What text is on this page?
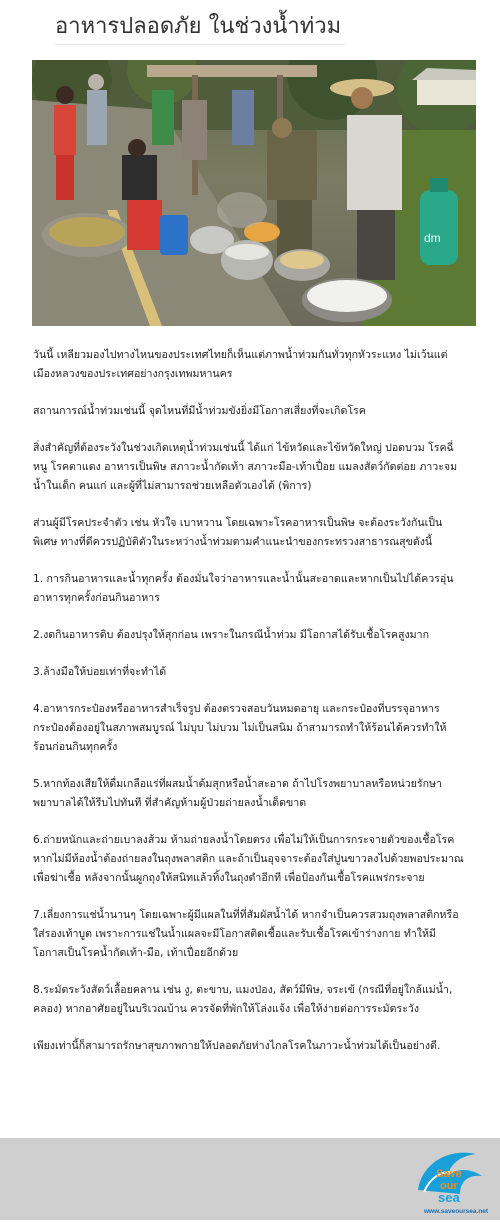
อาหารปลอดภัย ในช่วงน้ำท่วม
dm

วันนี้ เหลียวมองไปทางไหนของประเทศไทยก็เห็นแต่ภาพน้ำท่วมกันทั่วทุกหัวระแหง ไม่เว้นแต่เมืองหลวงของประเทศอย่างกรุงเทพมหานคร

สถานการณ์น้ำท่วมเช่นนี้ จุดไหนที่มีน้ำท่วมขังยิ่งมีโอกาสเสี่ยงที่จะเกิดโรค

สิ่งสำคัญที่ต้องระวังในช่วงเกิดเหตุน้ำท่วมเช่นนี้ ได้แก่ ไข้หวัดและไข้หวัดใหญ่ ปอดบวม โรคฉี่หนู โรคตาแดง อาหารเป็นพิษ สภาวะน้ำกัดเท้า สภาวะมือ-เท้าเปื่อย แมลงสัตว์กัดต่อย ภาวะจมน้ำในเด็ก คนแก่ และผู้ที่ไม่สามารถช่วยเหลือตัวเองได้ (พิการ)

ส่วนผู้มีโรคประจำตัว เช่น หัวใจ เบาหวาน โดยเฉพาะโรคอาหารเป็นพิษ จะต้องระวังกันเป็นพิเศษ ทางที่ดีควรปฏิบัติตัวในระหว่างน้ำท่วมตามคำแนะนำของกระทรวงสาธารณสุขดังนี้

1. การกินอาหารและน้ำทุกครั้ง ต้องมั่นใจว่าอาหารและน้ำนั้นสะอาดและหากเป็นไปได้ควรอุ่นอาหารทุกครั้งก่อนกินอาหาร

2.งดกินอาหารดิบ ต้องปรุงให้สุกก่อน เพราะในกรณีน้ำท่วม มีโอกาสได้รับเชื้อโรคสูงมาก

3.ล้างมือให้บ่อยเท่าที่จะทำได้

4.อาหารกระป๋องหรืออาหารสำเร็จรูป ต้องตรวจสอบวันหมดอายุ และกระป๋องที่บรรจุอาหาร กระป๋องต้องอยู่ในสภาพสมบูรณ์ ไม่บุบ ไม่บวม ไม่เป็นสนิม ถ้าสามารถทำให้ร้อนได้ควรทำให้ร้อนก่อนกินทุกครั้ง

5.หากท้องเสียให้ดื่มเกลือแร่ที่ผสมน้ำต้มสุกหรือน้ำสะอาด ถ้าไปโรงพยาบาลหรือหน่วยรักษาพยาบาลได้ให้รีบไปทันที ที่สำคัญห้ามผู้ป่วยถ่ายลงน้ำเด็ดขาด

6.ถ่ายหนักและถ่ายเบาลงส้วม ห้ามถ่ายลงน้ำโดยตรง เพื่อไม่ให้เป็นการกระจายตัวของเชื้อโรค หากไม่มีห้องน้ำต้องถ่ายลงในถุงพลาสติก และถ้าเป็นอุจจาระต้องใส่ปูนขาวลงไปด้วยพอประมาณ เพื่อฆ่าเชื้อ หลังจากนั้นผูกถุงให้สนิทแล้วทิ้งในถุงดำอีกที เพื่อป้องกันเชื้อโรคแพร่กระจาย

7.เลี่ยงการแช่น้ำนานๆ โดยเฉพาะผู้มีแผลในที่ที่สัมผัสน้ำได้ หากจำเป็นควรสวมถุงพลาสติกหรือใส่รองเท้าบูต เพราะการแช่ในน้ำแผลจะมีโอกาสติดเชื้อและรับเชื้อโรคเข้าร่างกาย ทำให้มีโอกาสเป็นโรคน้ำกัดเท้า-มือ, เท้าเปื่อยอีกด้วย

8.ระมัดระวังสัตว์เลื้อยคลาน เช่น งู, ตะขาบ, แมงป่อง, สัตว์มีพิษ, จระเข้ (กรณีที่อยู่ใกล้แม่น้ำ, คลอง) หากอาศัยอยู่ในบริเวณบ้าน ควรจัดที่พักให้โล่งแจ้ง เพื่อให้ง่ายต่อการระมัดระวัง

เพียงเท่านี้ก็สามารถรักษาสุขภาพกายให้ปลอดภัยห่างไกลโรคในภาวะน้ำท่วมได้เป็นอย่างดี.

Save
our
sea
www.saveoursea.net
